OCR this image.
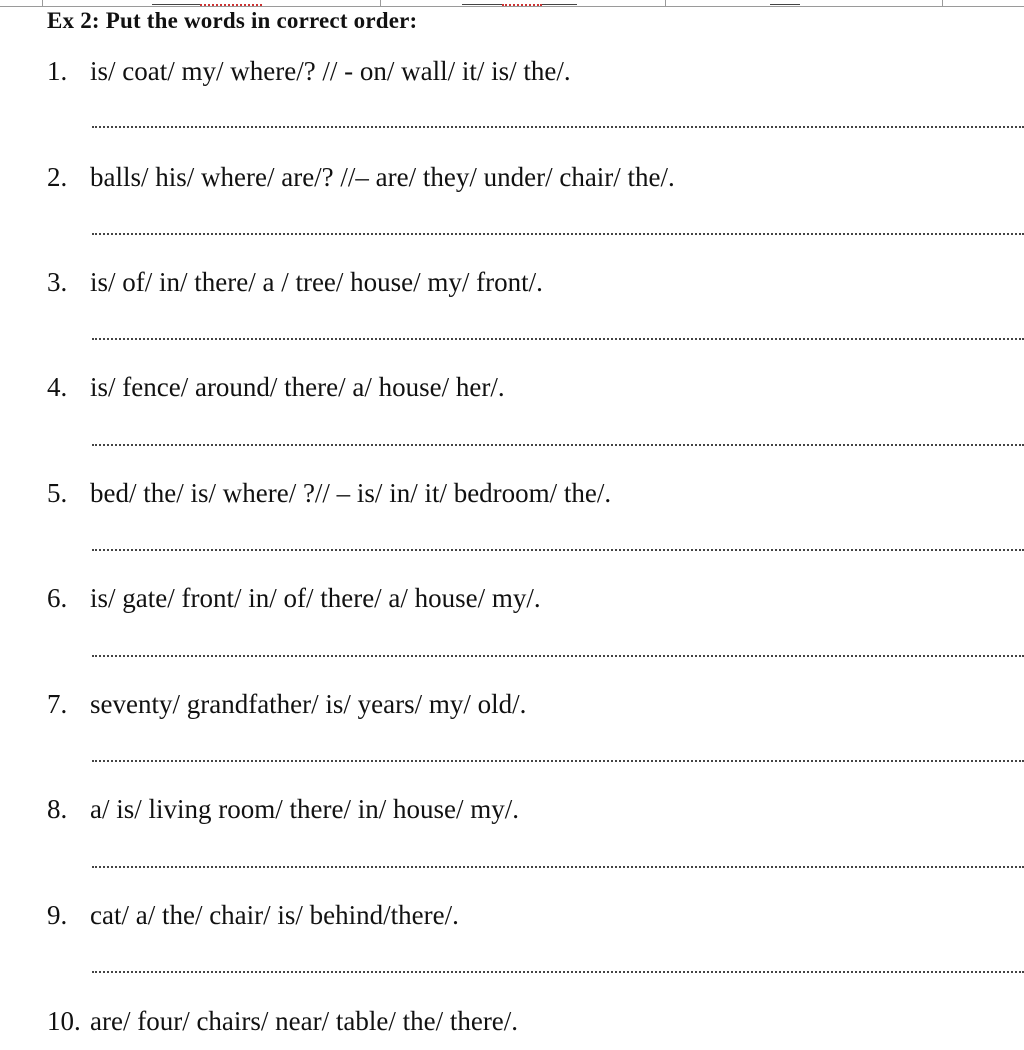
Ex 2: Put the words in correct order:
1. is/ coat/ my/ where/? // - on/ wall/ it/ is/ the/.
2. balls/ his/ where/ are/? //– are/ they/ under/ chair/ the/.
3. is/ of/ in/ there/ a / tree/ house/ my/ front/.
4. is/ fence/ around/ there/ a/ house/ her/.
5. bed/ the/ is/ where/ ?// – is/ in/ it/ bedroom/ the/.
6. is/ gate/ front/ in/ of/ there/ a/ house/ my/.
7. seventy/ grandfather/ is/ years/ my/ old/.
8. a/ is/ living room/ there/ in/ house/ my/.
9. cat/ a/ the/ chair/ is/ behind/there/.
10. are/ four/ chairs/ near/ table/ the/ there/.
